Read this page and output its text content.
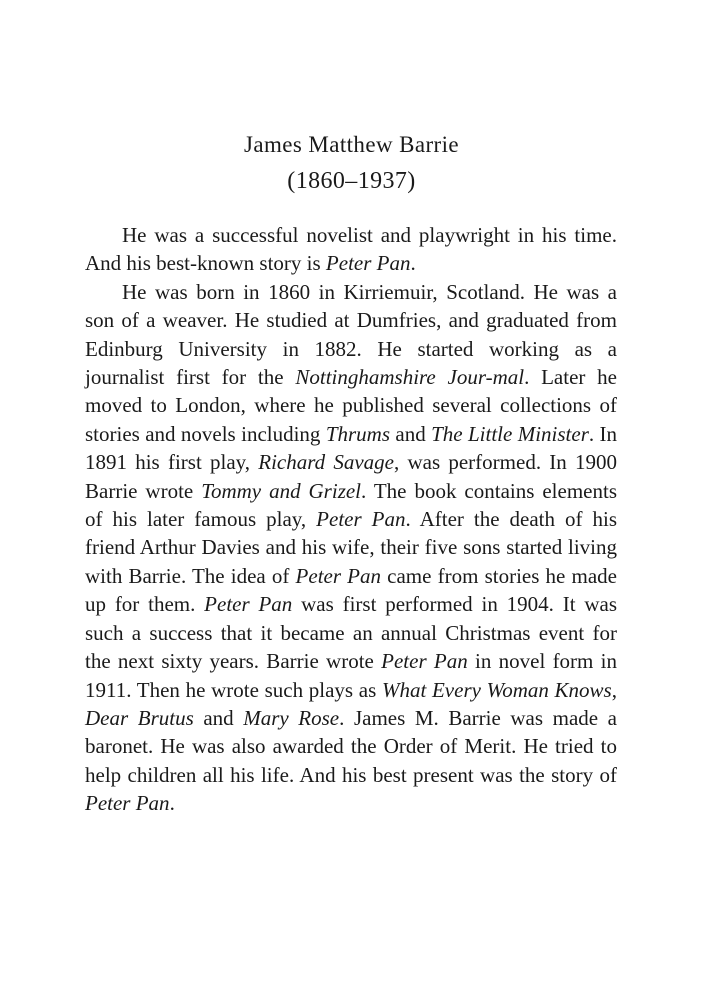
James Matthew Barrie
(1860–1937)

He was a successful novelist and playwright in his time. And his best-known story is Peter Pan.

He was born in 1860 in Kirriemuir, Scotland. He was a son of a weaver. He studied at Dumfries, and graduated from Edinburg University in 1882. He started working as a journalist first for the Nottinghamshire Jour-mal. Later he moved to London, where he published several collections of stories and novels including Thrums and The Little Minister. In 1891 his first play, Richard Savage, was performed. In 1900 Barrie wrote Tommy and Grizel. The book contains elements of his later famous play, Peter Pan. After the death of his friend Arthur Davies and his wife, their five sons started living with Barrie. The idea of Peter Pan came from stories he made up for them. Peter Pan was first performed in 1904. It was such a success that it became an annual Christmas event for the next sixty years. Barrie wrote Peter Pan in novel form in 1911. Then he wrote such plays as What Every Woman Knows, Dear Brutus and Mary Rose. James M. Barrie was made a baronet. He was also awarded the Order of Merit. He tried to help children all his life. And his best present was the story of Peter Pan.
